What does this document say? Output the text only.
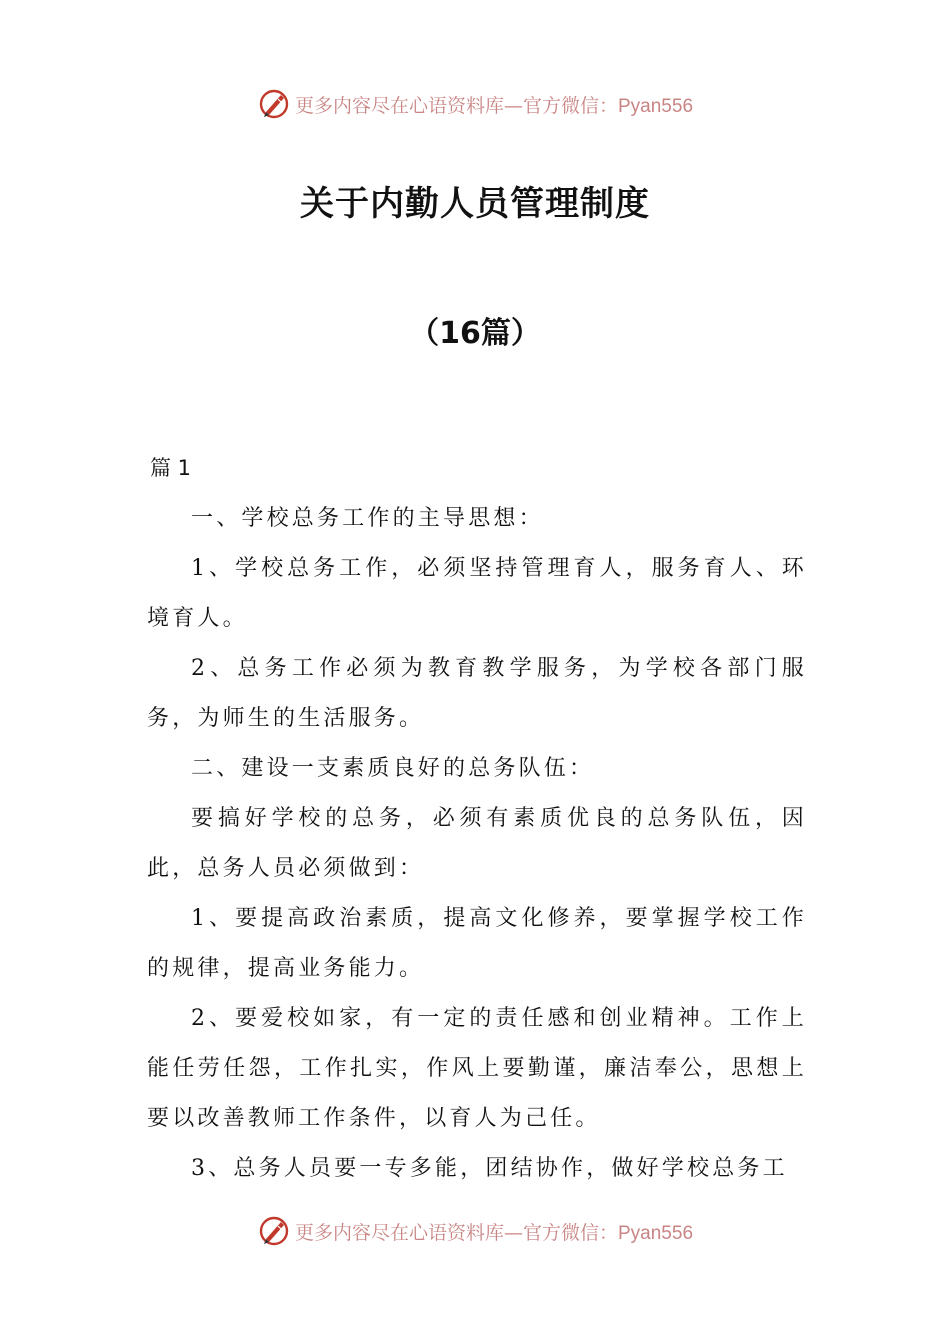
更多内容尽在心语资料库—官方微信：Pyan556
关于内勤人员管理制度
（16篇）
篇 1

一、学校总务工作的主导思想：

1、学校总务工作，必须坚持管理育人，服务育人、环境育人。

2、总务工作必须为教育教学服务，为学校各部门服务，为师生的生活服务。

二、建设一支素质良好的总务队伍：

要搞好学校的总务，必须有素质优良的总务队伍，因此，总务人员必须做到：

1、要提高政治素质，提高文化修养，要掌握学校工作的规律，提高业务能力。

2、要爱校如家，有一定的责任感和创业精神。工作上能任劳任怨，工作扎实，作风上要勤谨，廉洁奉公，思想上要以改善教师工作条件，以育人为己任。

3、总务人员要一专多能，团结协作，做好学校总务工

更多内容尽在心语资料库—官方微信：Pyan556
